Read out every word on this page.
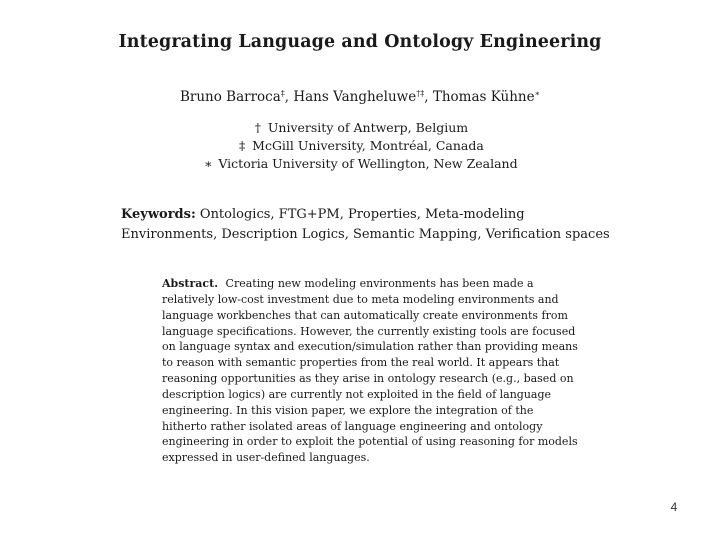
Integrating Language and Ontology Engineering
Bruno Barroca‡, Hans Vangheluwe†‡, Thomas Kühne∗
† University of Antwerp, Belgium
‡ McGill University, Montréal, Canada
∗ Victoria University of Wellington, New Zealand
Keywords: Ontologics, FTG+PM, Properties, Meta-modeling Environments, Description Logics, Semantic Mapping, Verification spaces
Abstract. Creating new modeling environments has been made a relatively low-cost investment due to meta modeling environments and language workbenches that can automatically create environments from language specifications. However, the currently existing tools are focused on language syntax and execution/simulation rather than providing means to reason with semantic properties from the real world. It appears that reasoning opportunities as they arise in ontology research (e.g., based on description logics) are currently not exploited in the field of language engineering. In this vision paper, we explore the integration of the hitherto rather isolated areas of language engineering and ontology engineering in order to exploit the potential of using reasoning for models expressed in user-defined languages.
4
